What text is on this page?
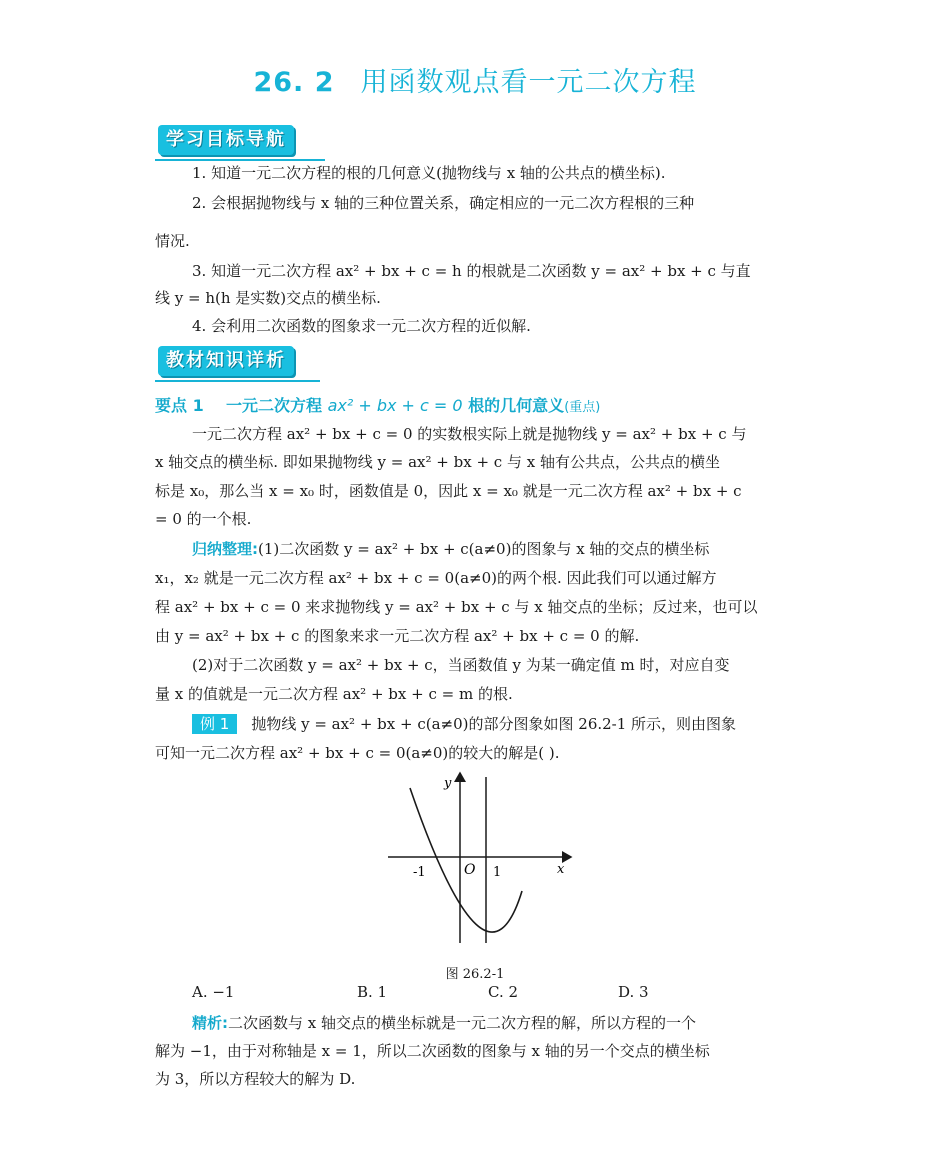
26. 2 用函数观点看一元二次方程
学习目标导航
1. 知道一元二次方程的根的几何意义(抛物线与 x 轴的公共点的横坐标).
2. 会根据抛物线与 x 轴的三种位置关系，确定相应的一元二次方程根的三种
情况.
3. 知道一元二次方程 ax² + bx + c = h 的根就是二次函数 y = ax² + bx + c 与直
线 y = h(h 是实数)交点的横坐标.
4. 会利用二次函数的图象求一元二次方程的近似解.
教材知识详析
要点 1 一元二次方程 ax² + bx + c = 0 根的几何意义(重点)
一元二次方程 ax² + bx + c = 0 的实数根实际上就是抛物线 y = ax² + bx + c 与
x 轴交点的横坐标. 即如果抛物线 y = ax² + bx + c 与 x 轴有公共点，公共点的横坐
标是 x₀，那么当 x = x₀ 时，函数值是 0，因此 x = x₀ 就是一元二次方程 ax² + bx + c
= 0 的一个根.
归纳整理:(1)二次函数 y = ax² + bx + c(a≠0)的图象与 x 轴的交点的横坐标
x₁，x₂ 就是一元二次方程 ax² + bx + c = 0(a≠0)的两个根. 因此我们可以通过解方
程 ax² + bx + c = 0 来求抛物线 y = ax² + bx + c 与 x 轴交点的坐标；反过来，也可以
由 y = ax² + bx + c 的图象来求一元二次方程 ax² + bx + c = 0 的解.
(2)对于二次函数 y = ax² + bx + c，当函数值 y 为某一确定值 m 时，对应自变
量 x 的值就是一元二次方程 ax² + bx + c = m 的根.
例 1 抛物线 y = ax² + bx + c(a≠0)的部分图象如图 26.2-1 所示，则由图象
可知一元二次方程 ax² + bx + c = 0(a≠0)的较大的解是( ).
y
x
O
-1	1
图 26.2-1
A. −1	B. 1	C. 2	D. 3
精析:二次函数与 x 轴交点的横坐标就是一元二次方程的解，所以方程的一个
解为 −1，由于对称轴是 x = 1，所以二次函数的图象与 x 轴的另一个交点的横坐标
为 3，所以方程较大的解为 D.
